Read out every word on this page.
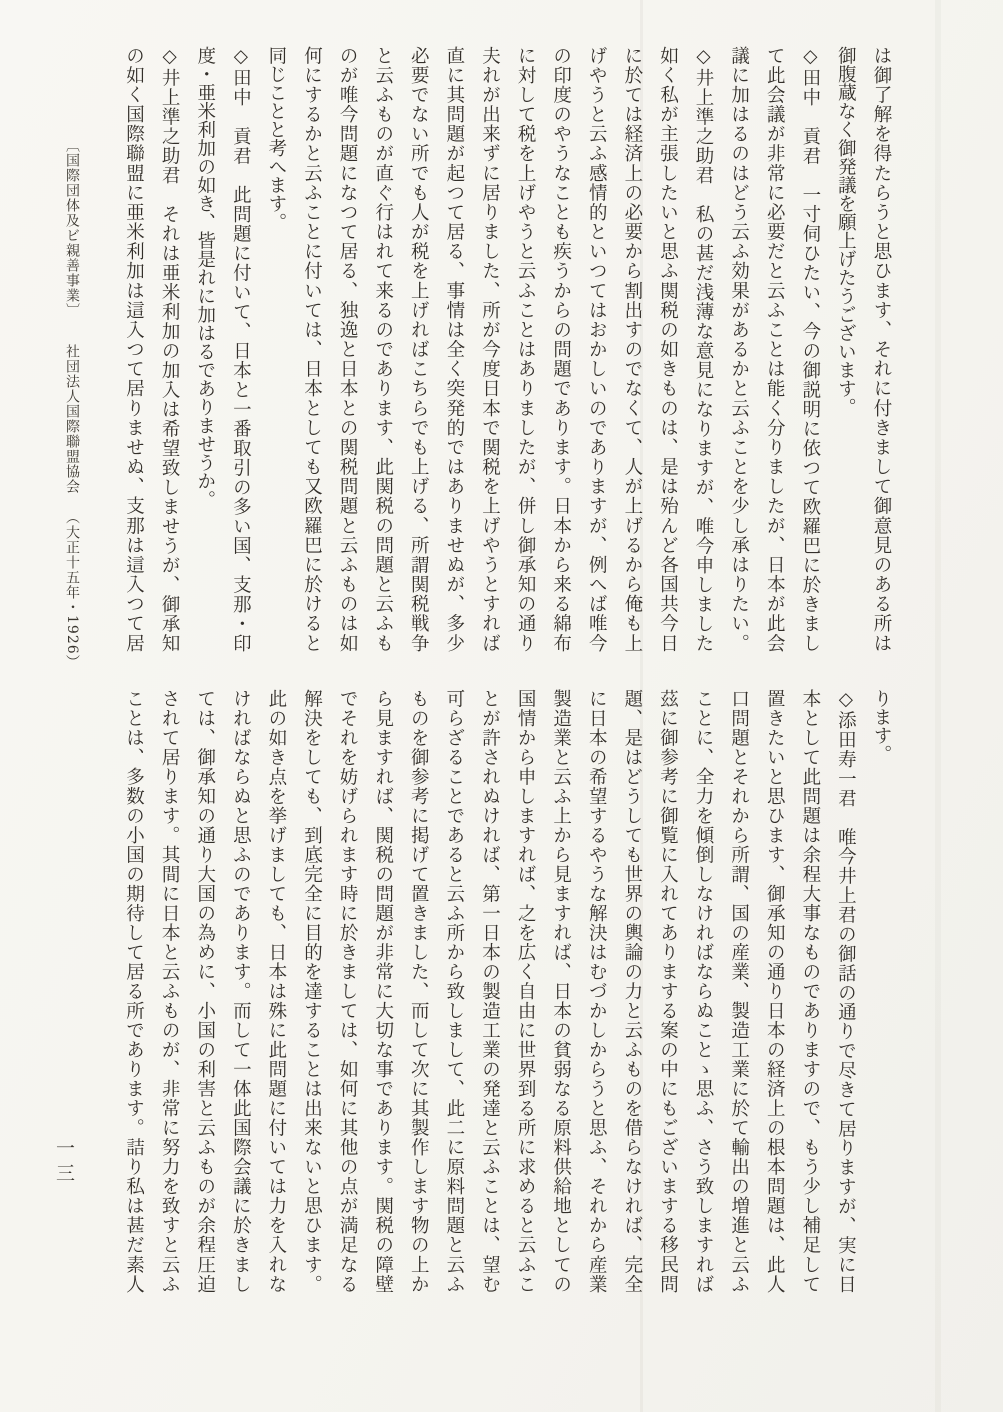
は御了解を得たらうと思ひます、それに付きまして御意見のある所は
御腹蔵なく御発議を願上げたうございます。
◇田中　貢君　一寸伺ひたい、今の御説明に依つて欧羅巴に於きまし
て此会議が非常に必要だと云ふことは能く分りましたが、日本が此会
議に加はるのはどう云ふ効果があるかと云ふことを少し承はりたい。
◇井上準之助君　私の甚だ浅薄な意見になりますが、唯今申しました
如く私が主張したいと思ふ関税の如きものは、是は殆んど各国共今日
に於ては経済上の必要から割出すのでなくて、人が上げるから俺も上
げやうと云ふ感情的といつてはおかしいのでありますが、例へば唯今
の印度のやうなことも疾うからの問題であります。日本から来る綿布
に対して税を上げやうと云ふことはありましたが、併し御承知の通り
夫れが出来ずに居りました、所が今度日本で関税を上げやうとすれば
直に其問題が起つて居る、事情は全く突発的ではありませぬが、多少
必要でない所でも人が税を上げればこちらでも上げる、所謂関税戦争
と云ふものが直ぐ行はれて来るのであります、此関税の問題と云ふも
のが唯今問題になつて居る、独逸と日本との関税問題と云ふものは如
何にするかと云ふことに付いては、日本としても又欧羅巴に於けると
同じことと考へます。
◇田中　貢君　此問題に付いて、日本と一番取引の多い国、支那・印
度・亜米利加の如き、皆是れに加はるでありませうか。
◇井上準之助君　それは亜米利加の加入は希望致しませうが、御承知
の如く国際聯盟に亜米利加は這入つて居りませぬ、支那は這入つて居
ります。
◇添田寿一君　唯今井上君の御話の通りで尽きて居りますが、実に日
本として此問題は余程大事なものでありますので、もう少し補足して
置きたいと思ひます、御承知の通り日本の経済上の根本問題は、此人
口問題とそれから所謂、国の産業、製造工業に於て輸出の増進と云ふ
ことに、全力を傾倒しなければならぬことゝ思ふ、さう致しますれば
茲に御参考に御覧に入れてありまする案の中にもございまする移民問
題、是はどうしても世界の輿論の力と云ふものを借らなければ、完全
に日本の希望するやうな解決はむづかしからうと思ふ、それから産業
製造業と云ふ上から見ますれば、日本の貧弱なる原料供給地としての
国情から申しますれば、之を広く自由に世界到る所に求めると云ふこ
とが許されぬければ、第一日本の製造工業の発達と云ふことは、望む
可らざることであると云ふ所から致しまして、此二に原料問題と云ふ
ものを御参考に掲げて置きました、而して次に其製作します物の上か
ら見ますれば、関税の問題が非常に大切な事であります。関税の障壁
でそれを妨げられます時に於きましては、如何に其他の点が満足なる
解決をしても、到底完全に目的を達することは出来ないと思ひます。
此の如き点を挙げましても、日本は殊に此問題に付いては力を入れな
ければならぬと思ふのであります。而して一体此国際会議に於きまし
ては、御承知の通り大国の為めに、小国の利害と云ふものが余程圧迫
されて居ります。其間に日本と云ふものが、非常に努力を致すと云ふ
ことは、多数の小国の期待して居る所であります。詰り私は甚だ素人
〔国際団体及ビ親善事業〕社団法人国際聯盟協会（大正十五年・1926）
一三
